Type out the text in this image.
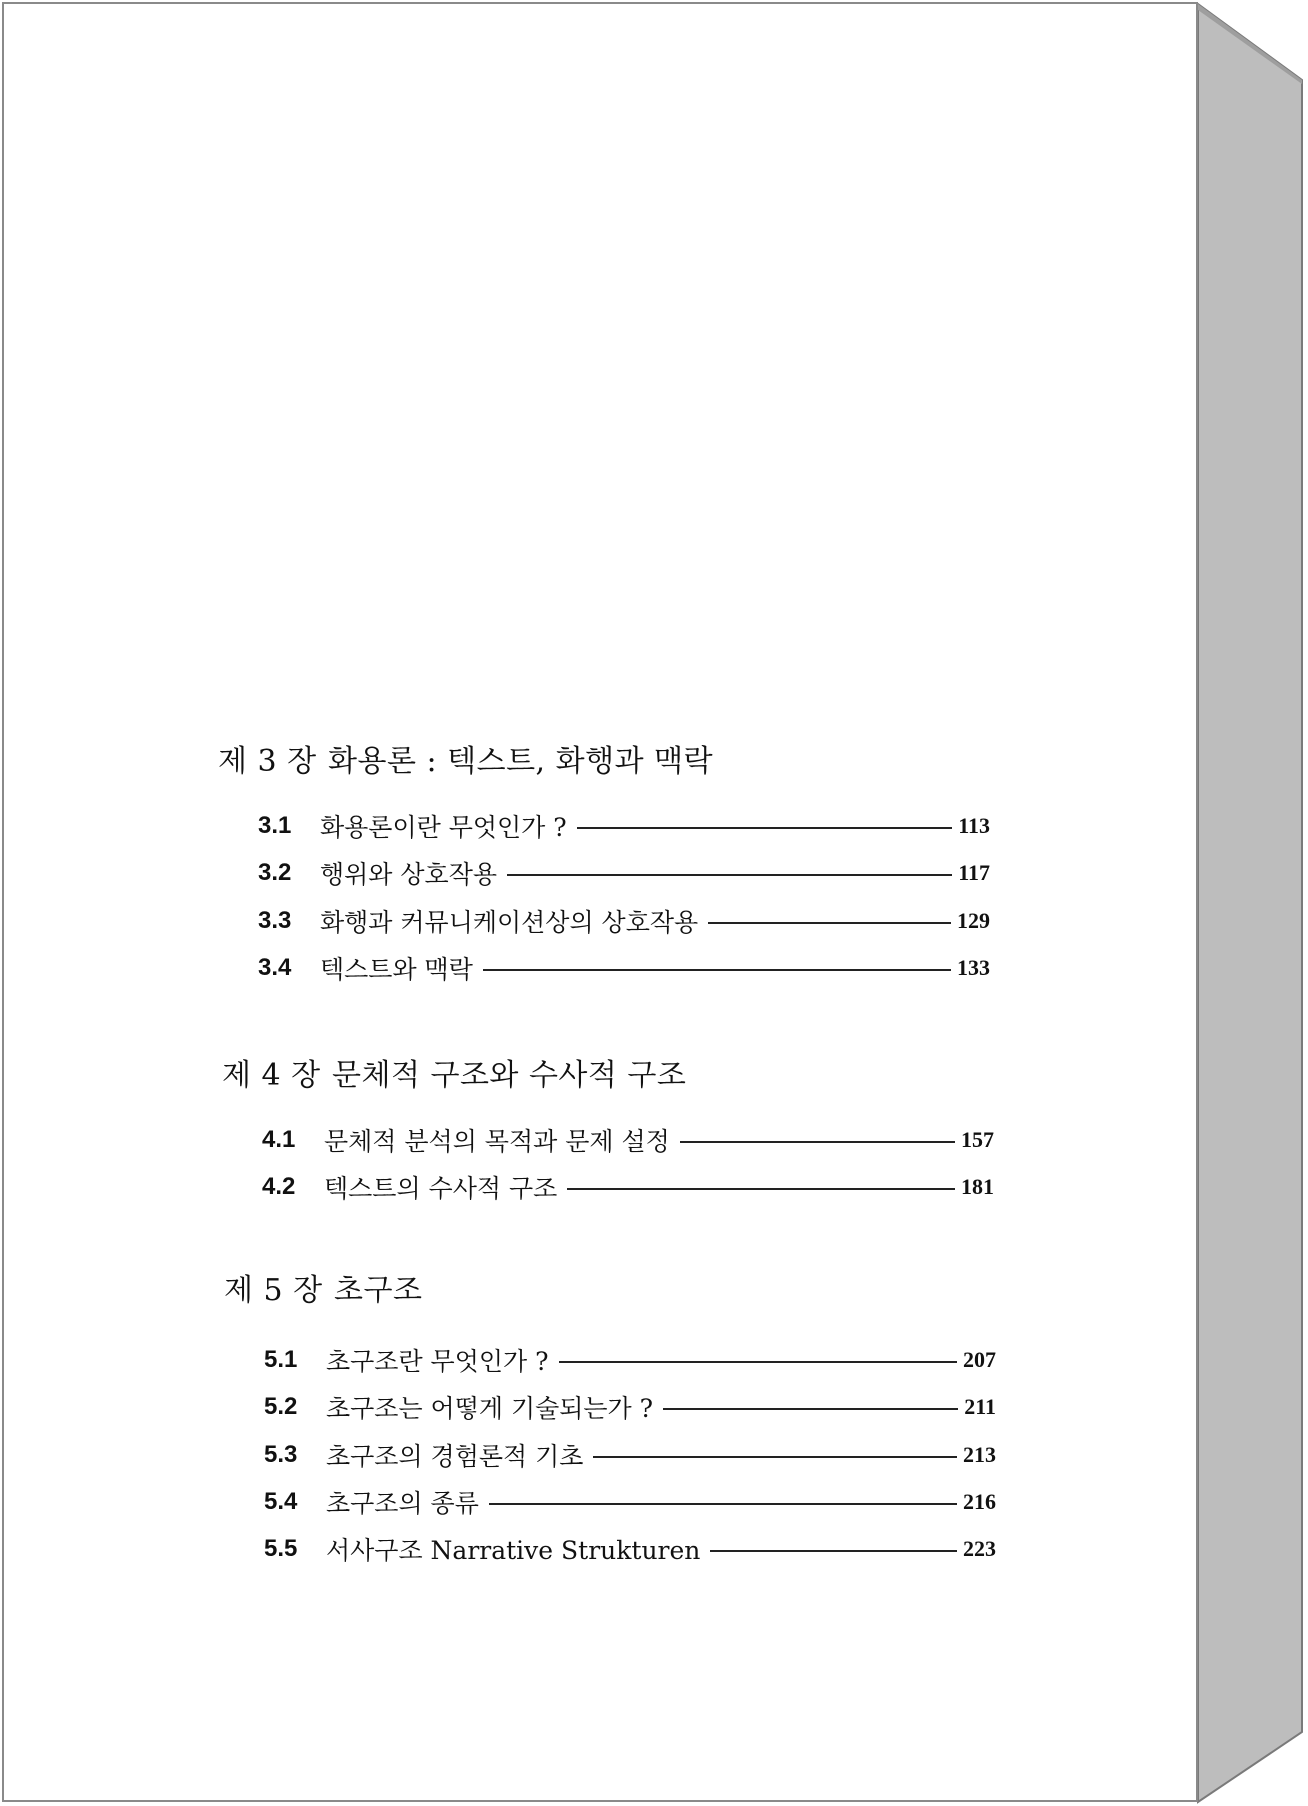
제 3 장 화용론 : 텍스트, 화행과 맥락
3.1	화용론이란 무엇인가 ?	113
3.2	행위와 상호작용	117
3.3	화행과 커뮤니케이션상의 상호작용	129
3.4	텍스트와 맥락	133
제 4 장 문체적 구조와 수사적 구조
4.1	문체적 분석의 목적과 문제 설정	157
4.2	텍스트의 수사적 구조	181
제 5 장 초구조
5.1	초구조란 무엇인가 ?	207
5.2	초구조는 어떻게 기술되는가 ?	211
5.3	초구조의 경험론적 기초	213
5.4	초구조의 종류	216
5.5	서사구조 Narrative Strukturen	223
